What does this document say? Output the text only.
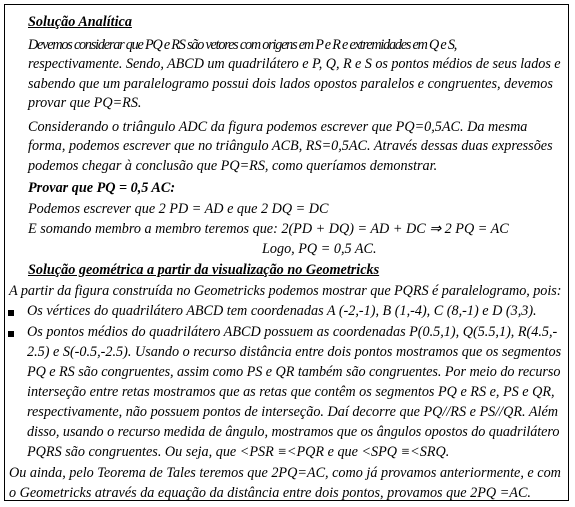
Solução Analítica
Devemos considerar que PQ e RS são vetores com origens em P e R e extremidades em Q e S,
respectivamente. Sendo, ABCD um quadrilátero e P, Q, R e S os pontos médios de seus lados e
sabendo que um paralelogramo possui dois lados opostos paralelos e congruentes, devemos
provar que PQ=RS.
Considerando o triângulo ADC da figura podemos escrever que PQ=0,5AC. Da mesma
forma, podemos escrever que no triângulo ACB, RS=0,5AC. Através dessas duas expressões
podemos chegar à conclusão que PQ=RS, como queríamos demonstrar.
Provar que PQ = 0,5 AC:
Podemos escrever que 2 PD = AD e que 2 DQ = DC
E somando membro a membro teremos que: 2(PD + DQ) = AD + DC ⇒ 2 PQ = AC
Logo, PQ = 0,5 AC.
Solução geométrica a partir da visualização no Geometricks
A partir da figura construída no Geometricks podemos mostrar que PQRS é paralelogramo, pois:
Os vértices do quadrilátero ABCD tem coordenadas A (-2,-1), B (1,-4), C (8,-1) e D (3,3).
Os pontos médios do quadrilátero ABCD possuem as coordenadas P(0.5,1), Q(5.5,1), R(4.5,-
2.5) e S(-0.5,-2.5). Usando o recurso distância entre dois pontos mostramos que os segmentos
PQ e RS são congruentes, assim como PS e QR também são congruentes. Por meio do recurso
interseção entre retas mostramos que as retas que contêm os segmentos PQ e RS e, PS e QR,
respectivamente, não possuem pontos de interseção. Daí decorre que PQ//RS e PS//QR. Além
disso, usando o recurso medida de ângulo, mostramos que os ângulos opostos do quadrilátero
PQRS são congruentes. Ou seja, que <PSR ≡<PQR e que <SPQ ≡<SRQ.
Ou ainda, pelo Teorema de Tales teremos que 2PQ=AC, como já provamos anteriormente, e com
o Geometricks através da equação da distância entre dois pontos, provamos que 2PQ =AC.
